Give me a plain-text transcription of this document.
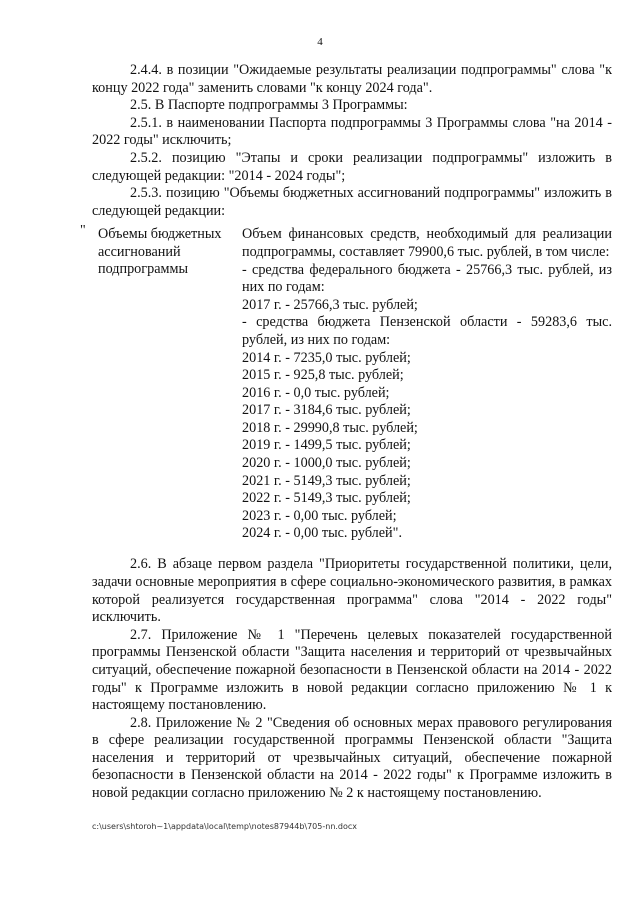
4

2.4.4. в позиции "Ожидаемые результаты реализации подпрограммы" слова "к концу 2022 года" заменить словами "к концу 2024 года".

2.5. В Паспорте подпрограммы 3 Программы:

2.5.1. в наименовании Паспорта подпрограммы 3 Программы слова "на 2014 - 2022 годы" исключить;

2.5.2. позицию "Этапы и сроки реализации подпрограммы" изложить в следующей редакции: "2014 - 2024 годы";

2.5.3. позицию "Объемы бюджетных ассигнований подпрограммы" изложить в следующей редакции:

" Объемы бюджетных ассигнований подпрограммы
Объем финансовых средств, необходимый для реализации подпрограммы, составляет 79900,6 тыс. рублей, в том числе:
- средства федерального бюджета - 25766,3 тыс. рублей, из них по годам:
2017 г. - 25766,3 тыс. рублей;
- средства бюджета Пензенской области - 59283,6 тыс. рублей, из них по годам:
2014 г. - 7235,0 тыс. рублей;
2015 г. - 925,8 тыс. рублей;
2016 г. - 0,0 тыс. рублей;
2017 г. - 3184,6 тыс. рублей;
2018 г. - 29990,8 тыс. рублей;
2019 г. - 1499,5 тыс. рублей;
2020 г. - 1000,0 тыс. рублей;
2021 г. - 5149,3 тыс. рублей;
2022 г. - 5149,3 тыс. рублей;
2023 г. - 0,00 тыс. рублей;
2024 г. - 0,00 тыс. рублей".

2.6. В абзаце первом раздела "Приоритеты государственной политики, цели, задачи основные мероприятия в сфере социально-экономического развития, в рамках которой реализуется государственная программа" слова "2014 - 2022 годы" исключить.

2.7. Приложение № 1 "Перечень целевых показателей государственной программы Пензенской области "Защита населения и территорий от чрезвычайных ситуаций, обеспечение пожарной безопасности в Пензенской области на 2014 - 2022 годы" к Программе изложить в новой редакции согласно приложению № 1 к настоящему постановлению.

2.8. Приложение № 2 "Сведения об основных мерах правового регулирования в сфере реализации государственной программы Пензенской области "Защита населения и территорий от чрезвычайных ситуаций, обеспечение пожарной безопасности в Пензенской области на 2014 - 2022 годы" к Программе изложить в новой редакции согласно приложению № 2 к настоящему постановлению.

c:\users\shtoroh~1\appdata\local\temp\notes87944b\705-nn.docx
